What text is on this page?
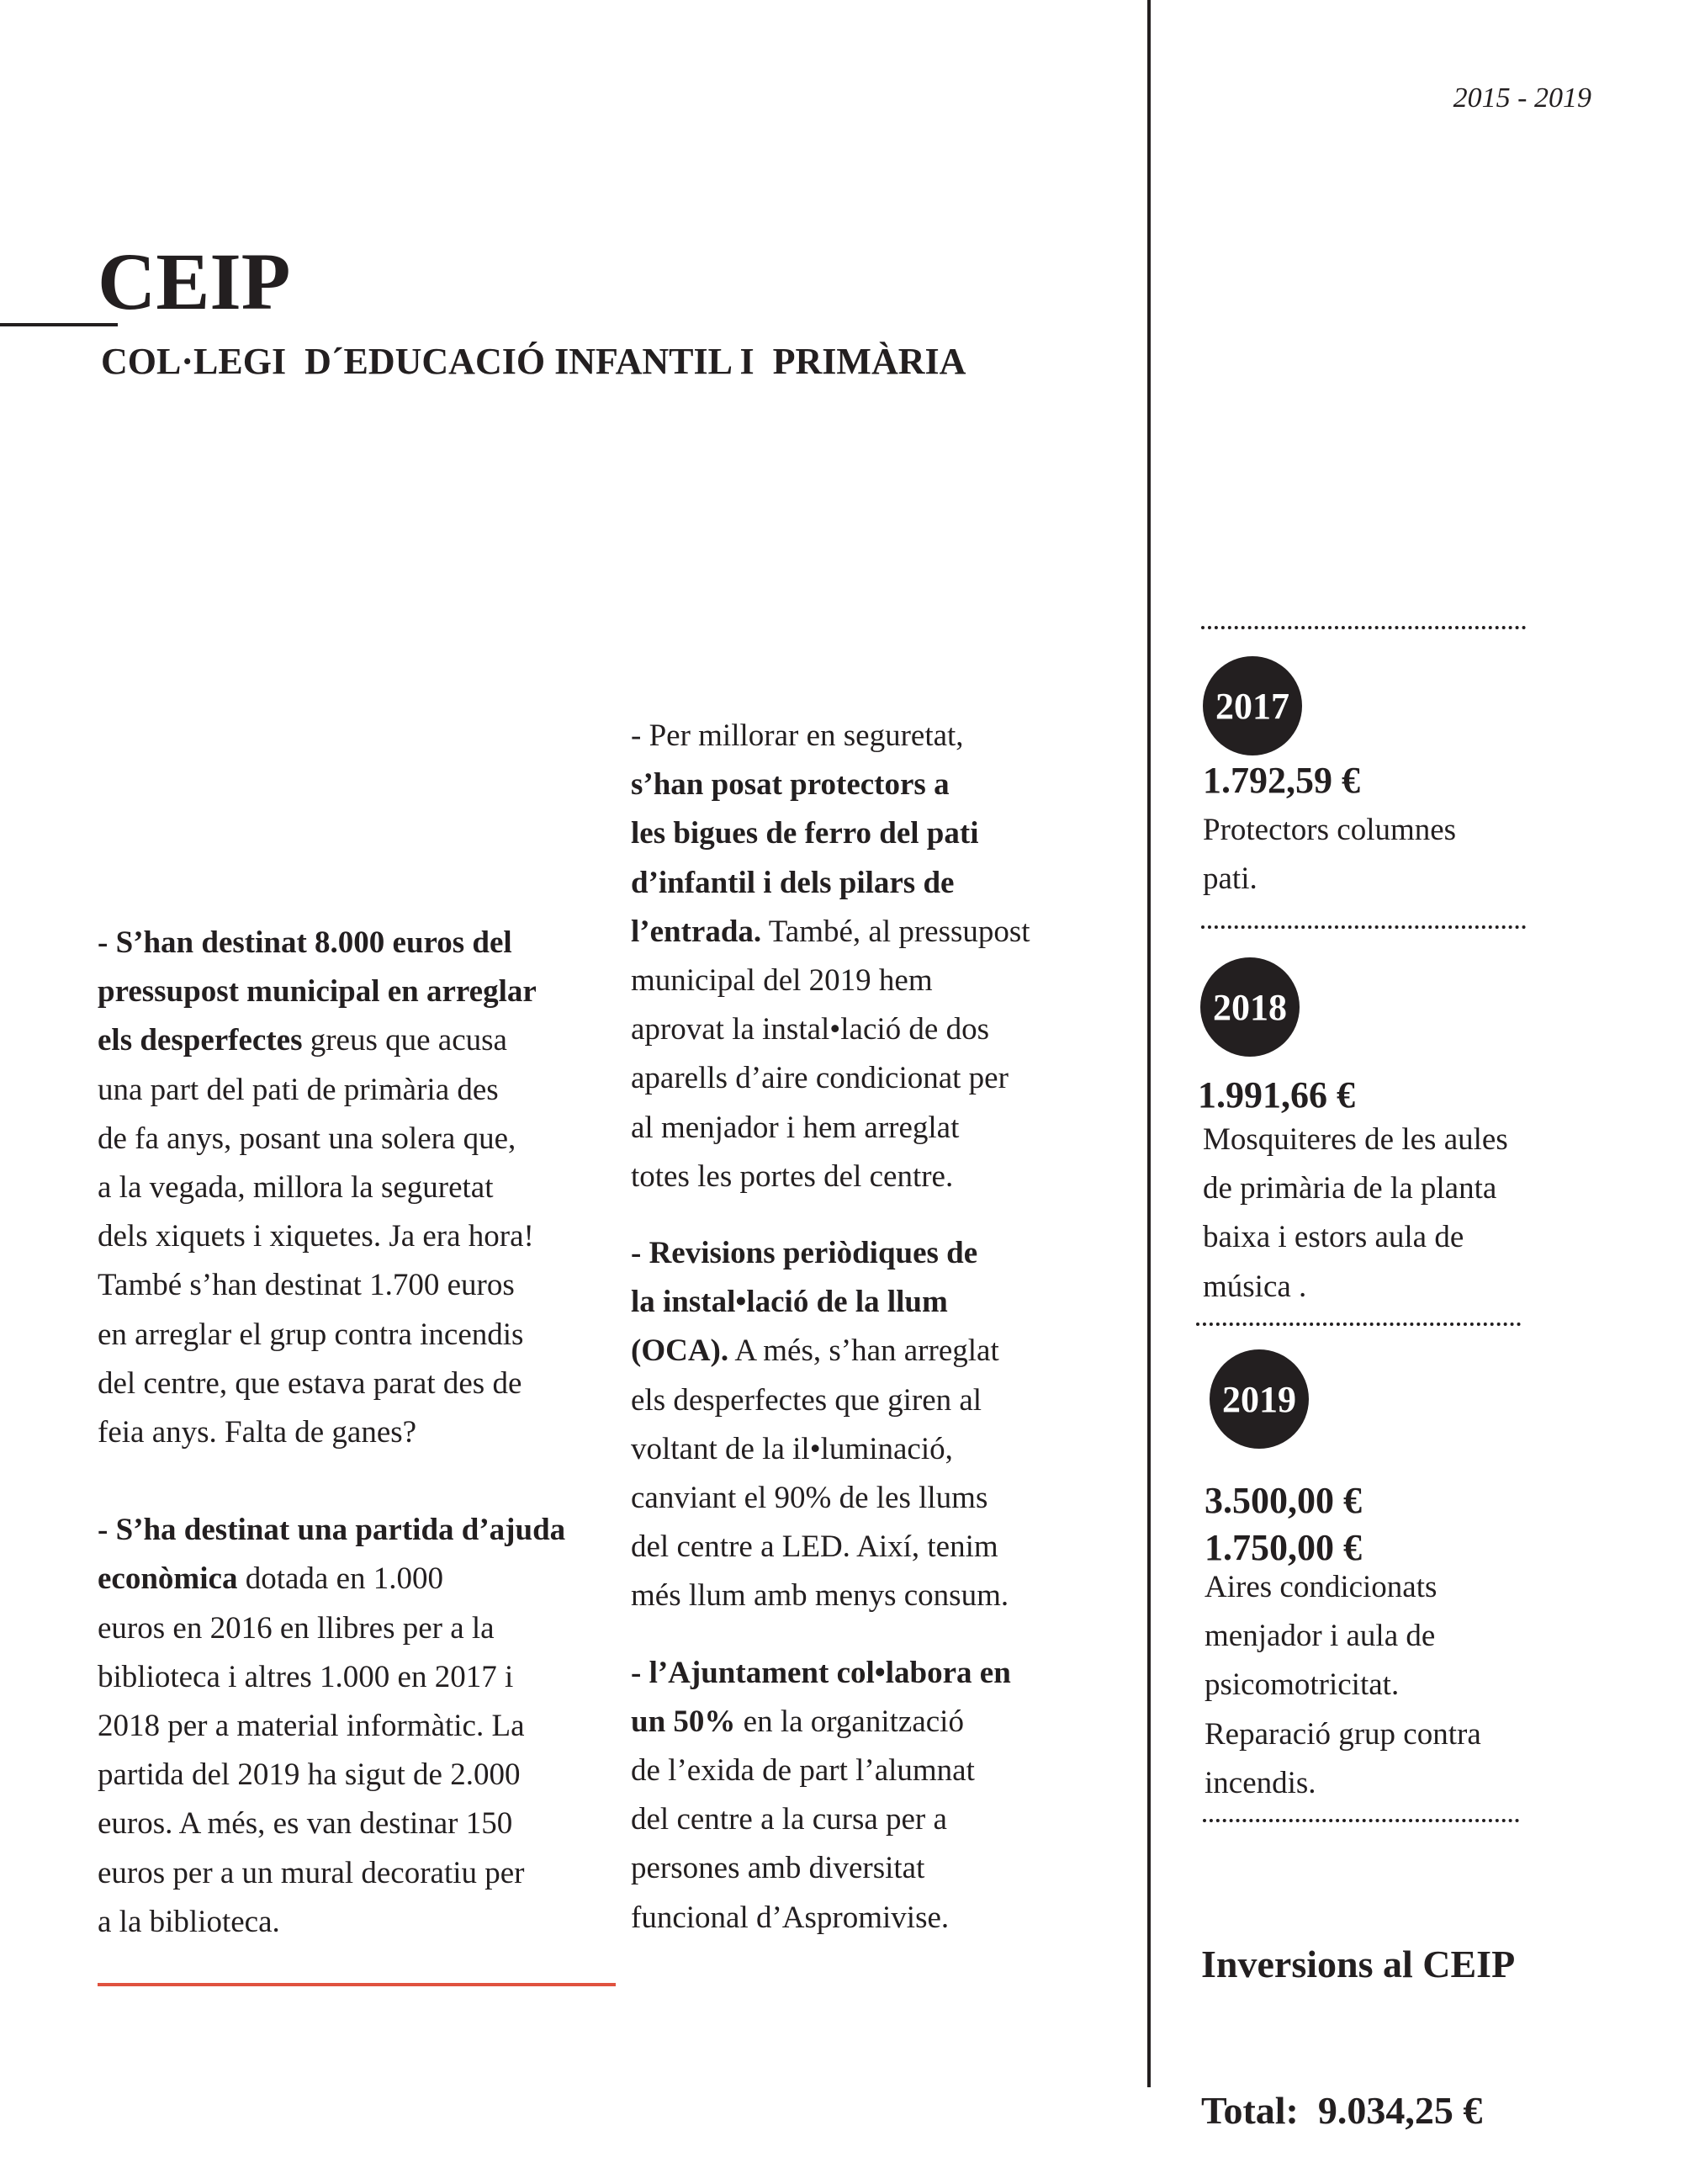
2015 - 2019
CEIP
COL·LEGI  D´EDUCACIÓ INFANTIL I  PRIMÀRIA

- S’han destinat 8.000 euros del
pressupost municipal en arreglar
els desperfectes greus que acusa
una part del pati de primària des
de fa anys, posant una solera que,
a la vegada, millora la seguretat
dels xiquets i xiquetes. Ja era hora!
També s’han destinat 1.700 euros
en arreglar el grup contra incendis
del centre, que estava parat des de
feia anys. Falta de ganes?

- S’ha destinat una partida d’ajuda
econòmica dotada en 1.000
euros en 2016 en llibres per a la
biblioteca i altres 1.000 en 2017 i
2018 per a material informàtic. La
partida del 2019 ha sigut de 2.000
euros. A més, es van destinar 150
euros per a un mural decoratiu per
a la biblioteca.

- Per millorar en seguretat,
s’han posat protectors a
les bigues de ferro del pati
d’infantil i dels pilars de
l’entrada. També, al pressupost
municipal del 2019 hem
aprovat la instal•lació de dos
aparells d’aire condicionat per
al menjador i hem arreglat
totes les portes del centre.

- Revisions periòdiques de
la instal•lació de la llum
(OCA). A més, s’han arreglat
els desperfectes que giren al
voltant de la il•luminació,
canviant el 90% de les llums
del centre a LED. Així, tenim
més llum amb menys consum.

- l’Ajuntament col•labora en
un 50% en la organització
de l’exida de part l’alumnat
del centre a la cursa per a
persones amb diversitat
funcional d’Aspromivise.

2017
1.792,59 €
Protectors columnes
pati.
2018
1.991,66 €
Mosquiteres de les aules
de primària de la planta
baixa i estors aula de
música .
2019
3.500,00 €
1.750,00 €
Aires condicionats
menjador i aula de
psicomotricitat.
Reparació grup contra
incendis.

Inversions al CEIP

Total:  9.034,25 €
